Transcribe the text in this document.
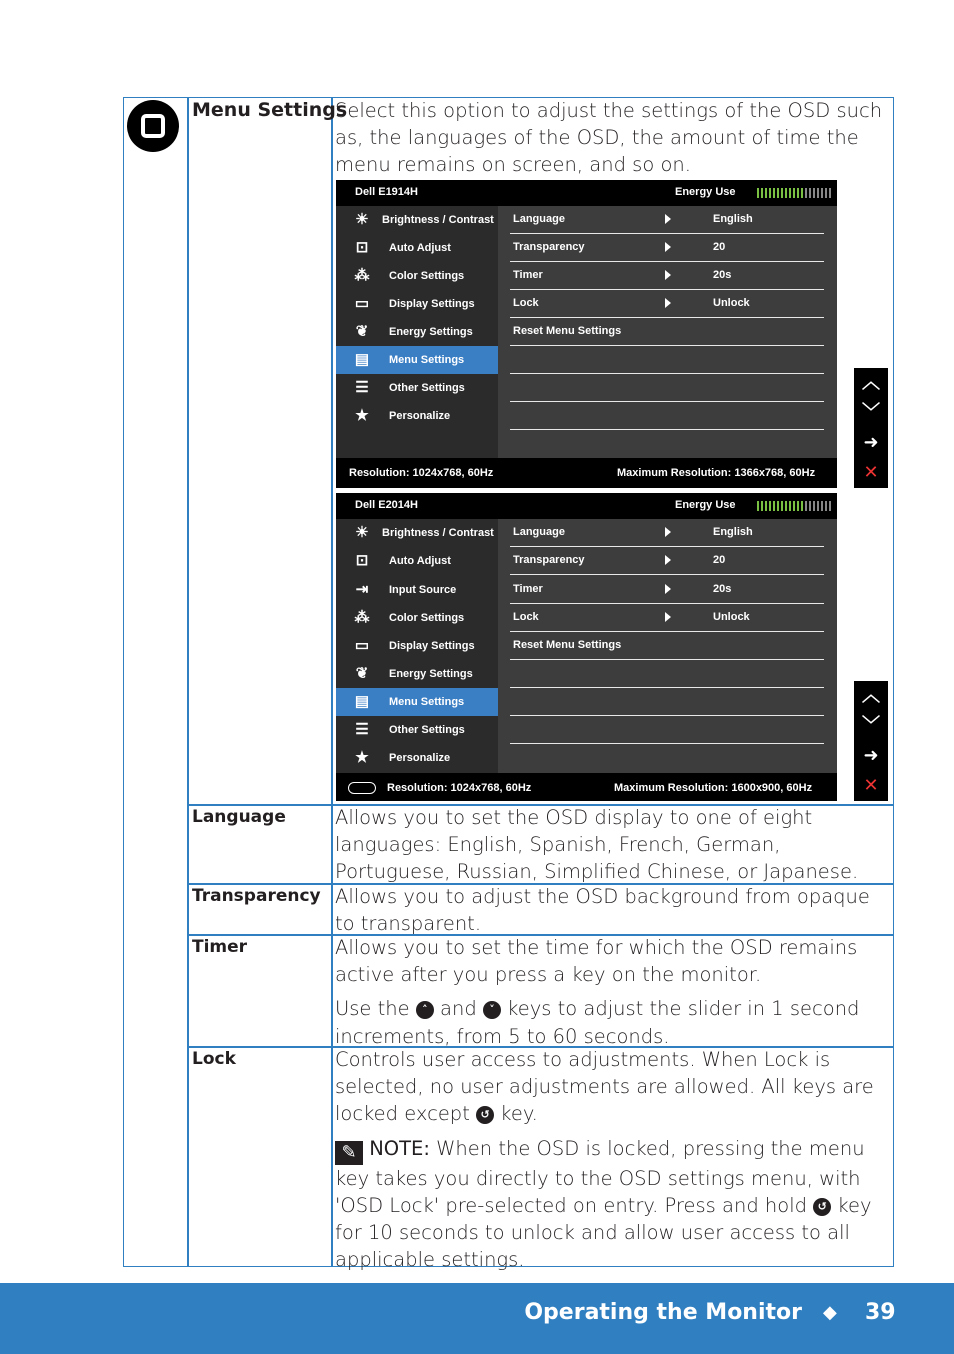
Menu Settings
Select this option to adjust the settings of the OSD such as, the languages of the OSD, the amount of time the menu remains on screen, and so on.
Dell E1914H	Energy Use
☀ Brightness / Contrast
⊡	Auto Adjust
⁂ Color Settings
▭ Display Settings
❦	Energy Settings
▤ Menu Settings
☰ Other Settings
★ Personalize
Language	English
Transparency	20
Timer	20s
Lock	Unlock
Reset Menu Settings
Resolution: 1024x768, 60Hz	Maximum Resolution: 1366x768, 60Hz
︿
﹀
➜
✕
Dell E2014H	Energy Use
☀ Brightness / Contrast
⊡	Auto Adjust
⇥	Input Source
⁂ Color Settings
▭ Display Settings
❦	Energy Settings
▤ Menu Settings
☰ Other Settings
★ Personalize
Language	English
Transparency	20
Timer	20s
Lock	Unlock
Reset Menu Settings
Resolution: 1024x768, 60Hz	Maximum Resolution: 1600x900, 60Hz
︿
﹀
➜
✕
Language	Allows you to set the OSD display to one of eight languages: English, Spanish, French, German, Portuguese, Russian, Simplified Chinese, or Japanese.
Transparency Allows you to adjust the OSD background from opaque to transparent.
Timer	Allows you to set the time for which the OSD remains active after you press a key on the monitor.

Use the ˄ and ˅ keys to adjust the slider in 1 second increments, from 5 to 60 seconds.

Lock	Controls user access to adjustments. When Lock is selected, no user adjustments are allowed. All keys are locked except ↺ key.

✎ NOTE: When the OSD is locked, pressing the menu key takes you directly to the OSD settings menu, with 'OSD Lock' pre-selected on entry. Press and hold ↺ key for 10 seconds to unlock and allow user access to all applicable settings.

Operating the Monitor ◆ 39
